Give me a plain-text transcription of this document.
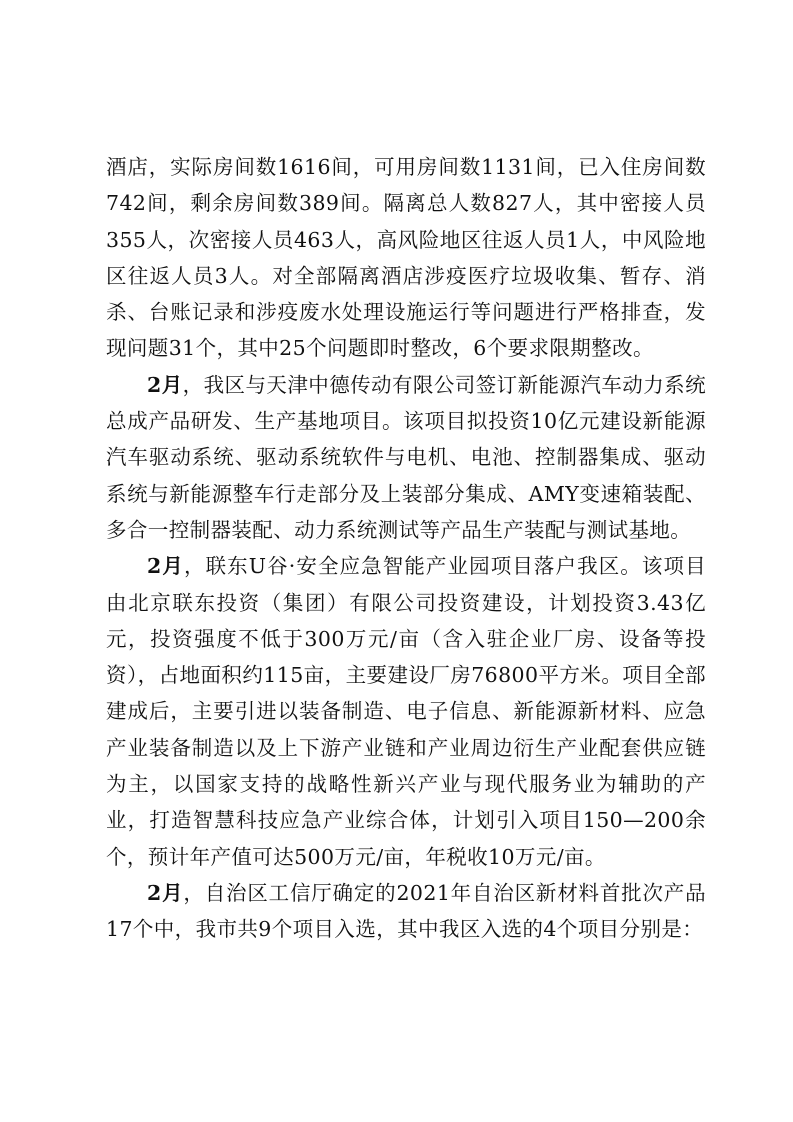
酒店，实际房间数1616间，可用房间数1131间，已入住房间数742间，剩余房间数389间。隔离总人数827人，其中密接人员355人，次密接人员463人，高风险地区往返人员1人，中风险地区往返人员3人。对全部隔离酒店涉疫医疗垃圾收集、暂存、消杀、台账记录和涉疫废水处理设施运行等问题进行严格排查，发现问题31个，其中25个问题即时整改，6个要求限期整改。

2月，我区与天津中德传动有限公司签订新能源汽车动力系统总成产品研发、生产基地项目。该项目拟投资10亿元建设新能源汽车驱动系统、驱动系统软件与电机、电池、控制器集成、驱动系统与新能源整车行走部分及上装部分集成、AMY变速箱装配、多合一控制器装配、动力系统测试等产品生产装配与测试基地。

2月，联东U谷·安全应急智能产业园项目落户我区。该项目由北京联东投资（集团）有限公司投资建设，计划投资3.43亿元，投资强度不低于300万元/亩（含入驻企业厂房、设备等投资），占地面积约115亩，主要建设厂房76800平方米。项目全部建成后，主要引进以装备制造、电子信息、新能源新材料、应急产业装备制造以及上下游产业链和产业周边衍生产业配套供应链为主，以国家支持的战略性新兴产业与现代服务业为辅助的产业，打造智慧科技应急产业综合体，计划引入项目150—200余个，预计年产值可达500万元/亩，年税收10万元/亩。

2月，自治区工信厅确定的2021年自治区新材料首批次产品17个中，我市共9个项目入选，其中我区入选的4个项目分别是：
